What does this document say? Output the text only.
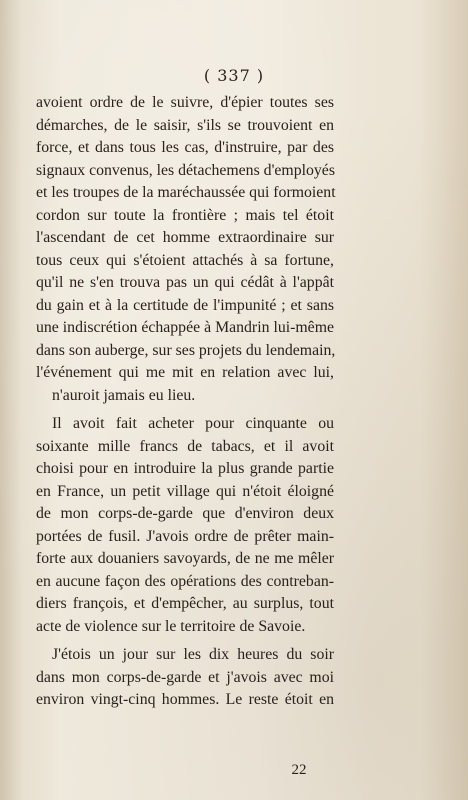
( 337 )
avoient ordre de le suivre, d'épier toutes ses
démarches, de le saisir, s'ils se trouvoient en
force, et dans tous les cas, d'instruire, par des
signaux convenus, les détachemens d'employés
et les troupes de la maréchaussée qui formoient
cordon sur toute la frontière ; mais tel étoit
l'ascendant de cet homme extraordinaire sur
tous ceux qui s'étoient attachés à sa fortune,
qu'il ne s'en trouva pas un qui cédât à l'appât
du gain et à la certitude de l'impunité ; et sans
une indiscrétion échappée à Mandrin lui-même
dans son auberge, sur ses projets du lendemain,
l'événement qui me mit en relation avec lui,
n'auroit jamais eu lieu.
Il avoit fait acheter pour cinquante ou
soixante mille francs de tabacs, et il avoit
choisi pour en introduire la plus grande partie
en France, un petit village qui n'étoit éloigné
de mon corps-de-garde que d'environ deux
portées de fusil. J'avois ordre de prêter main-
forte aux douaniers savoyards, de ne me mêler
en aucune façon des opérations des contreban-
diers françois, et d'empêcher, au surplus, tout
acte de violence sur le territoire de Savoie.
J'étois un jour sur les dix heures du soir
dans mon corps-de-garde et j'avois avec moi
environ vingt-cinq hommes. Le reste étoit en
22
